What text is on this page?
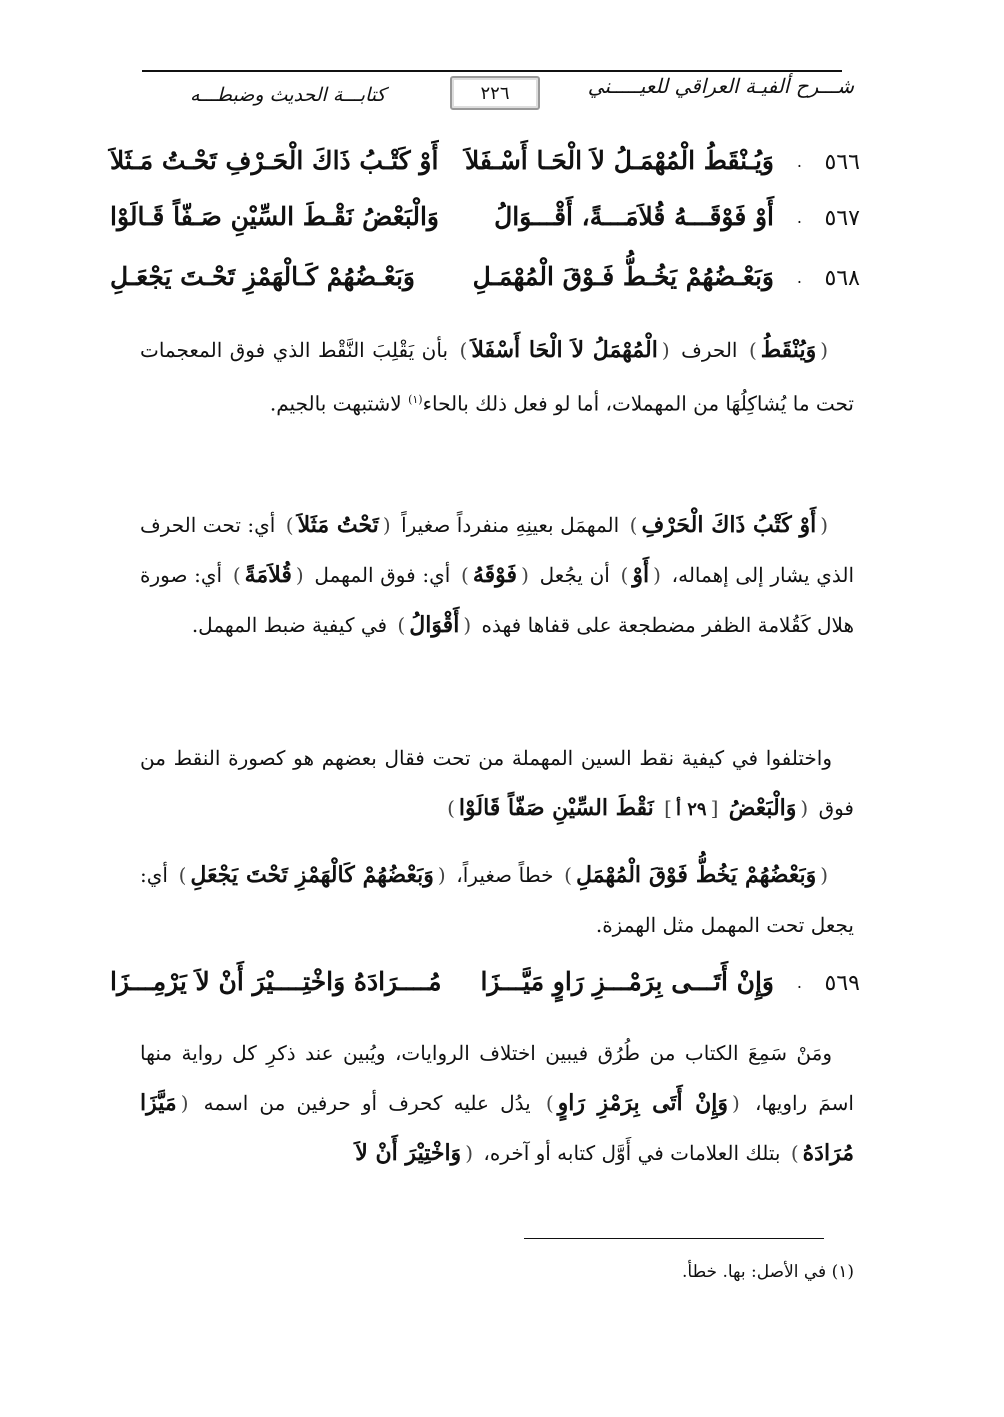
شـــرح ألفيـة العراقي للعيـــــني
٢٢٦
كتابـــة الحديث وضبطـــه
٥٦٦
.
وَيُـنْقَطُ الْمُهْمَـلُ لاَ الْحَـا أَسْـفَلاَ
أَوْ كَتْـبُ ذَاكَ الْحَـرْفِ تَحْـتُ مَـثَلاَ
٥٦٧
.
أَوْ فَوْقَـــهُ قُلاَمَـــةً، أَقْـــوَالُ
وَالْبَعْضُ نَقْـطَ السِّيْنِ صَـفّاً قَـالَوْا
٥٦٨
.
وَبَعْـضُهُمْ يَخُـطُّ فَـوْقَ الْمُهْمَـلِ
وَبَعْـضُهُمْ كَـالْهَمْزِ تَحْـتَ يَجْعَـلِ

(وَيُنْقَطُ) الحرف (الْمُهْمَلُ لاَ الْحَا أَسْفَلاَ) بأن يَقْلِبَ النَّقْط الذي فوق المعجمات تحت ما يُشاكِلُهَا من المهملات، أما لو فعل ذلك بالحاء$^{(١)}$ لاشتبهت بالجيم.

(أَوْ كَتْبُ ذَاكَ الْحَرْفِ) المهمَل بعينِهِ منفرداً صغيراً (تَحْتُ مَثَلاَ) أي: تحت الحرف الذي يشار إلى إهماله، (أَوْ) أن يجُعل (فَوْقَهُ) أي: فوق المهمل (قُلاَمَةً) أي: صورة هلال كَقُلامة الظفر مضطجعة على قفاها فهذه (أَقْوَالُ) في كيفية ضبط المهمل.

واختلفوا في كيفية نقط السين المهملة من تحت فقال بعضهم هو كصورة النقط من فوق (وَالْبَعْضُ [٢٩ أ] نَقْطَ السِّيْنِ صَفّاً قَالَوْا)

(وَبَعْضُهُمْ يَخُطُّ فَوْقَ الْمُهْمَلِ) خطاً صغيراً، (وَبَعْضُهُمْ كَالْهَمْزِ تَحْتَ يَجْعَلِ) أي: يجعل تحت المهمل مثل الهمزة.

٥٦٩
.
وَإِنْ أَتَـــى بِرَمْـــزِ رَاوٍ مَيَّـــزَا
مُــــرَادَهُ وَاخْتِــــيْرَ أَنْ لاَ يَرْمِـــزَا

ومَنْ سَمِعَ الكتاب من طُرُق فيبين اختلاف الروايات، ويُبين عند ذكرِ كل رواية منها اسمَ راويها، (وَإِنْ أَتَى بِرَمْزِ رَاوٍ) يدُل عليه كحرف أو حرفين من اسمه (مَيَّزَا مُرَادَهُ) بتلك العلامات في أَوَّل كتابه أو آخره، (وَاخْتِيْرَ أَنْ لاَ

(١) في الأصل: بها. خطأ.
